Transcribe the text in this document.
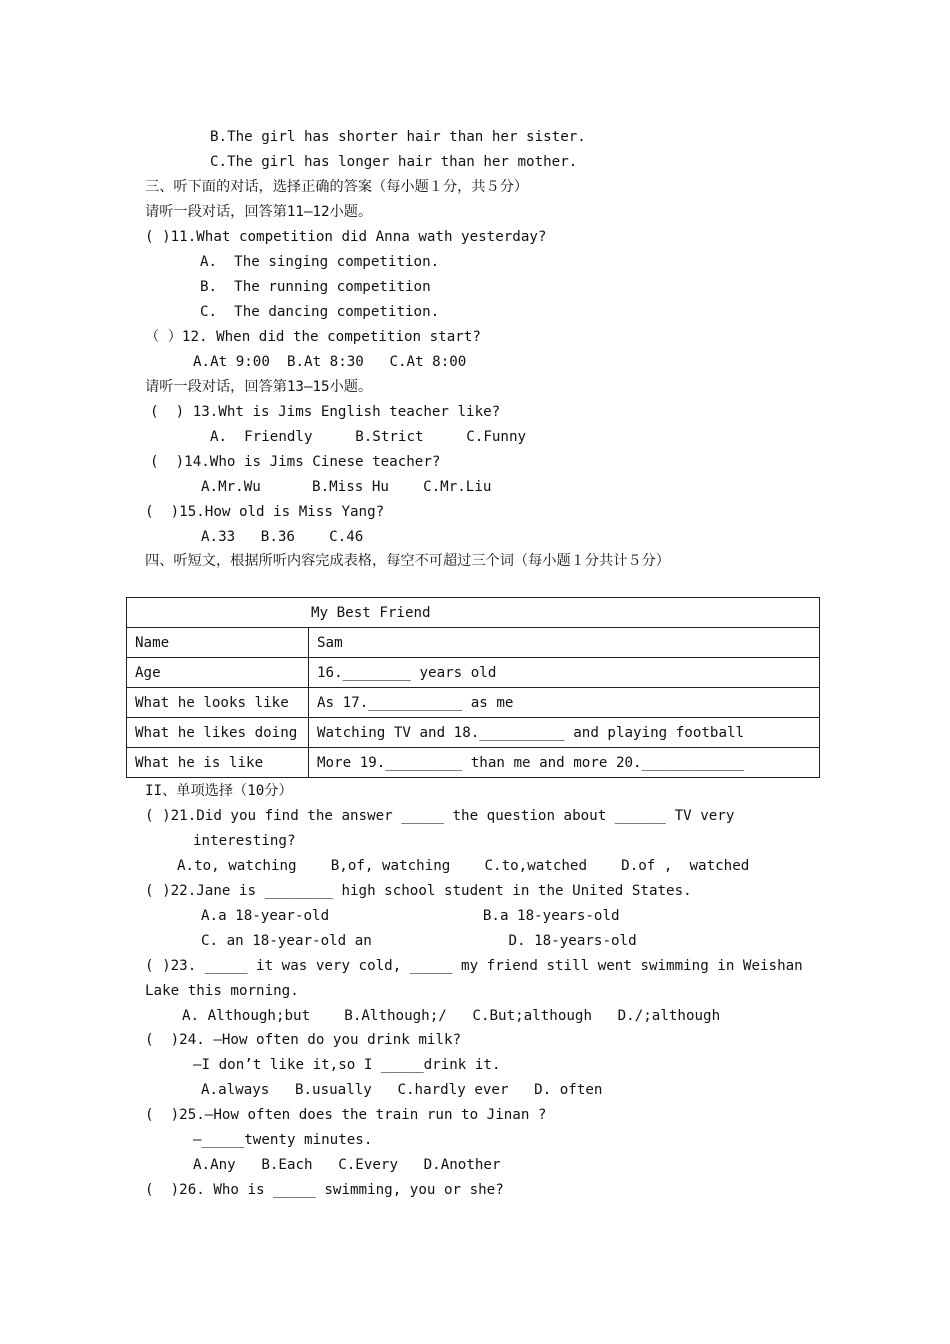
B.The girl has shorter hair than her sister.
C.The girl has longer hair than her mother.
三、听下面的对话，选择正确的答案（每小题１分，共５分）
请听一段对话，回答第11—12小题。
( )11.What competition did Anna wath yesterday?
A.  The singing competition.
B.  The running competition
C.  The dancing competition.
（ ）12. When did the competition start?
A.At 9:00  B.At 8:30   C.At 8:00
请听一段对话，回答第13—15小题。
(  ) 13.Wht is Jims English teacher like?
A.  Friendly     B.Strict     C.Funny
(  )14.Who is Jims Cinese teacher?
A.Mr.Wu      B.Miss Hu    C.Mr.Liu
(  )15.How old is Miss Yang?
A.33   B.36    C.46
四、听短文，根据所听内容完成表格，每空不可超过三个词（每小题１分共计５分）
My Best Friend	
Name	Sam
Age	16.________ years old
What he looks like	As 17.___________ as me
What he likes doing	Watching TV and 18.__________ and playing football
What he is like	More 19._________ than me and more 20.____________
II、单项选择（10分）
( )21.Did you find the answer _____ the question about ______ TV very
interesting?
A.to, watching    B,of, watching    C.to,watched    D.of ,  watched
( )22.Jane is ________ high school student in the United States.
A.a 18-year-old                  B.a 18-years-old
C. an 18-year-old an                D. 18-years-old
( )23. _____ it was very cold, _____ my friend still went swimming in Weishan
Lake this morning.
A. Although;but    B.Although;/   C.But;although   D./;although
(  )24. —How often do you drink milk?
—I don’t like it,so I _____drink it.
A.always   B.usually   C.hardly ever   D. often
(  )25.—How often does the train run to Jinan ?
—_____twenty minutes.
A.Any   B.Each   C.Every   D.Another
(  )26. Who is _____ swimming, you or she?
